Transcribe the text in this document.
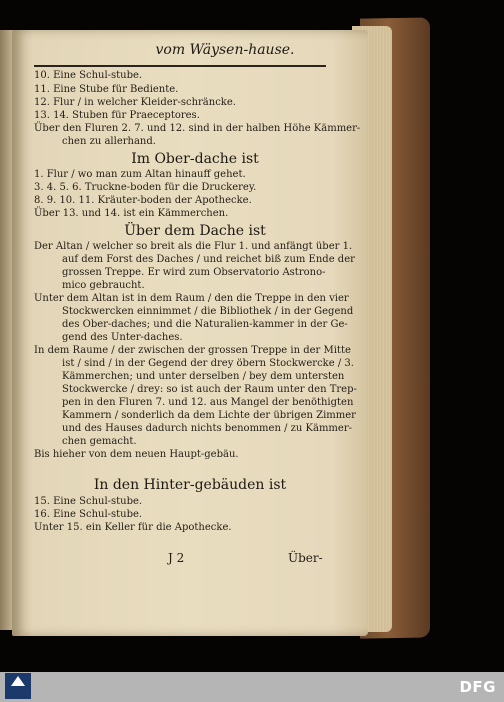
vom Wäysen-hause.
10. Eine Schul-stube.
11. Eine Stube für Bediente.
12. Flur / in welcher Kleider-schräncke.
13. 14. Stuben für Praeceptores.
Über den Fluren 2. 7. und 12. sind in der halben Höhe Kämmer-
chen zu allerhand.
Im Ober-dache ist
1. Flur / wo man zum Altan hinauff gehet.
3. 4. 5. 6. Truckne-boden für die Druckerey.
8. 9. 10. 11. Kräuter-boden der Apothecke.
Über 13. und 14. ist ein Kämmerchen.
Über dem Dache ist
Der Altan / welcher so breit als die Flur 1. und anfängt über 1.
auf dem Forst des Daches / und reichet biß zum Ende der
grossen Treppe. Er wird zum Observatorio Astrono-
mico gebraucht.
Unter dem Altan ist in dem Raum / den die Treppe in den vier
Stockwercken einnimmet / die Bibliothek / in der Gegend
des Ober-daches; und die Naturalien-kammer in der Ge-
gend des Unter-daches.
In dem Raume / der zwischen der grossen Treppe in der Mitte
ist / sind / in der Gegend der drey öbern Stockwercke / 3.
Kämmerchen; und unter derselben / bey dem untersten
Stockwercke / drey: so ist auch der Raum unter den Trep-
pen in den Fluren 7. und 12. aus Mangel der benöthigten
Kammern / sonderlich da dem Lichte der übrigen Zimmer
und des Hauses dadurch nichts benommen / zu Kämmer-
chen gemacht.
Bis hieher von dem neuen Haupt-gebäu.
In den Hinter-gebäuden ist
15. Eine Schul-stube.
16. Eine Schul-stube.
Unter 15. ein Keller für die Apothecke.
J 2	Über-
DFG
